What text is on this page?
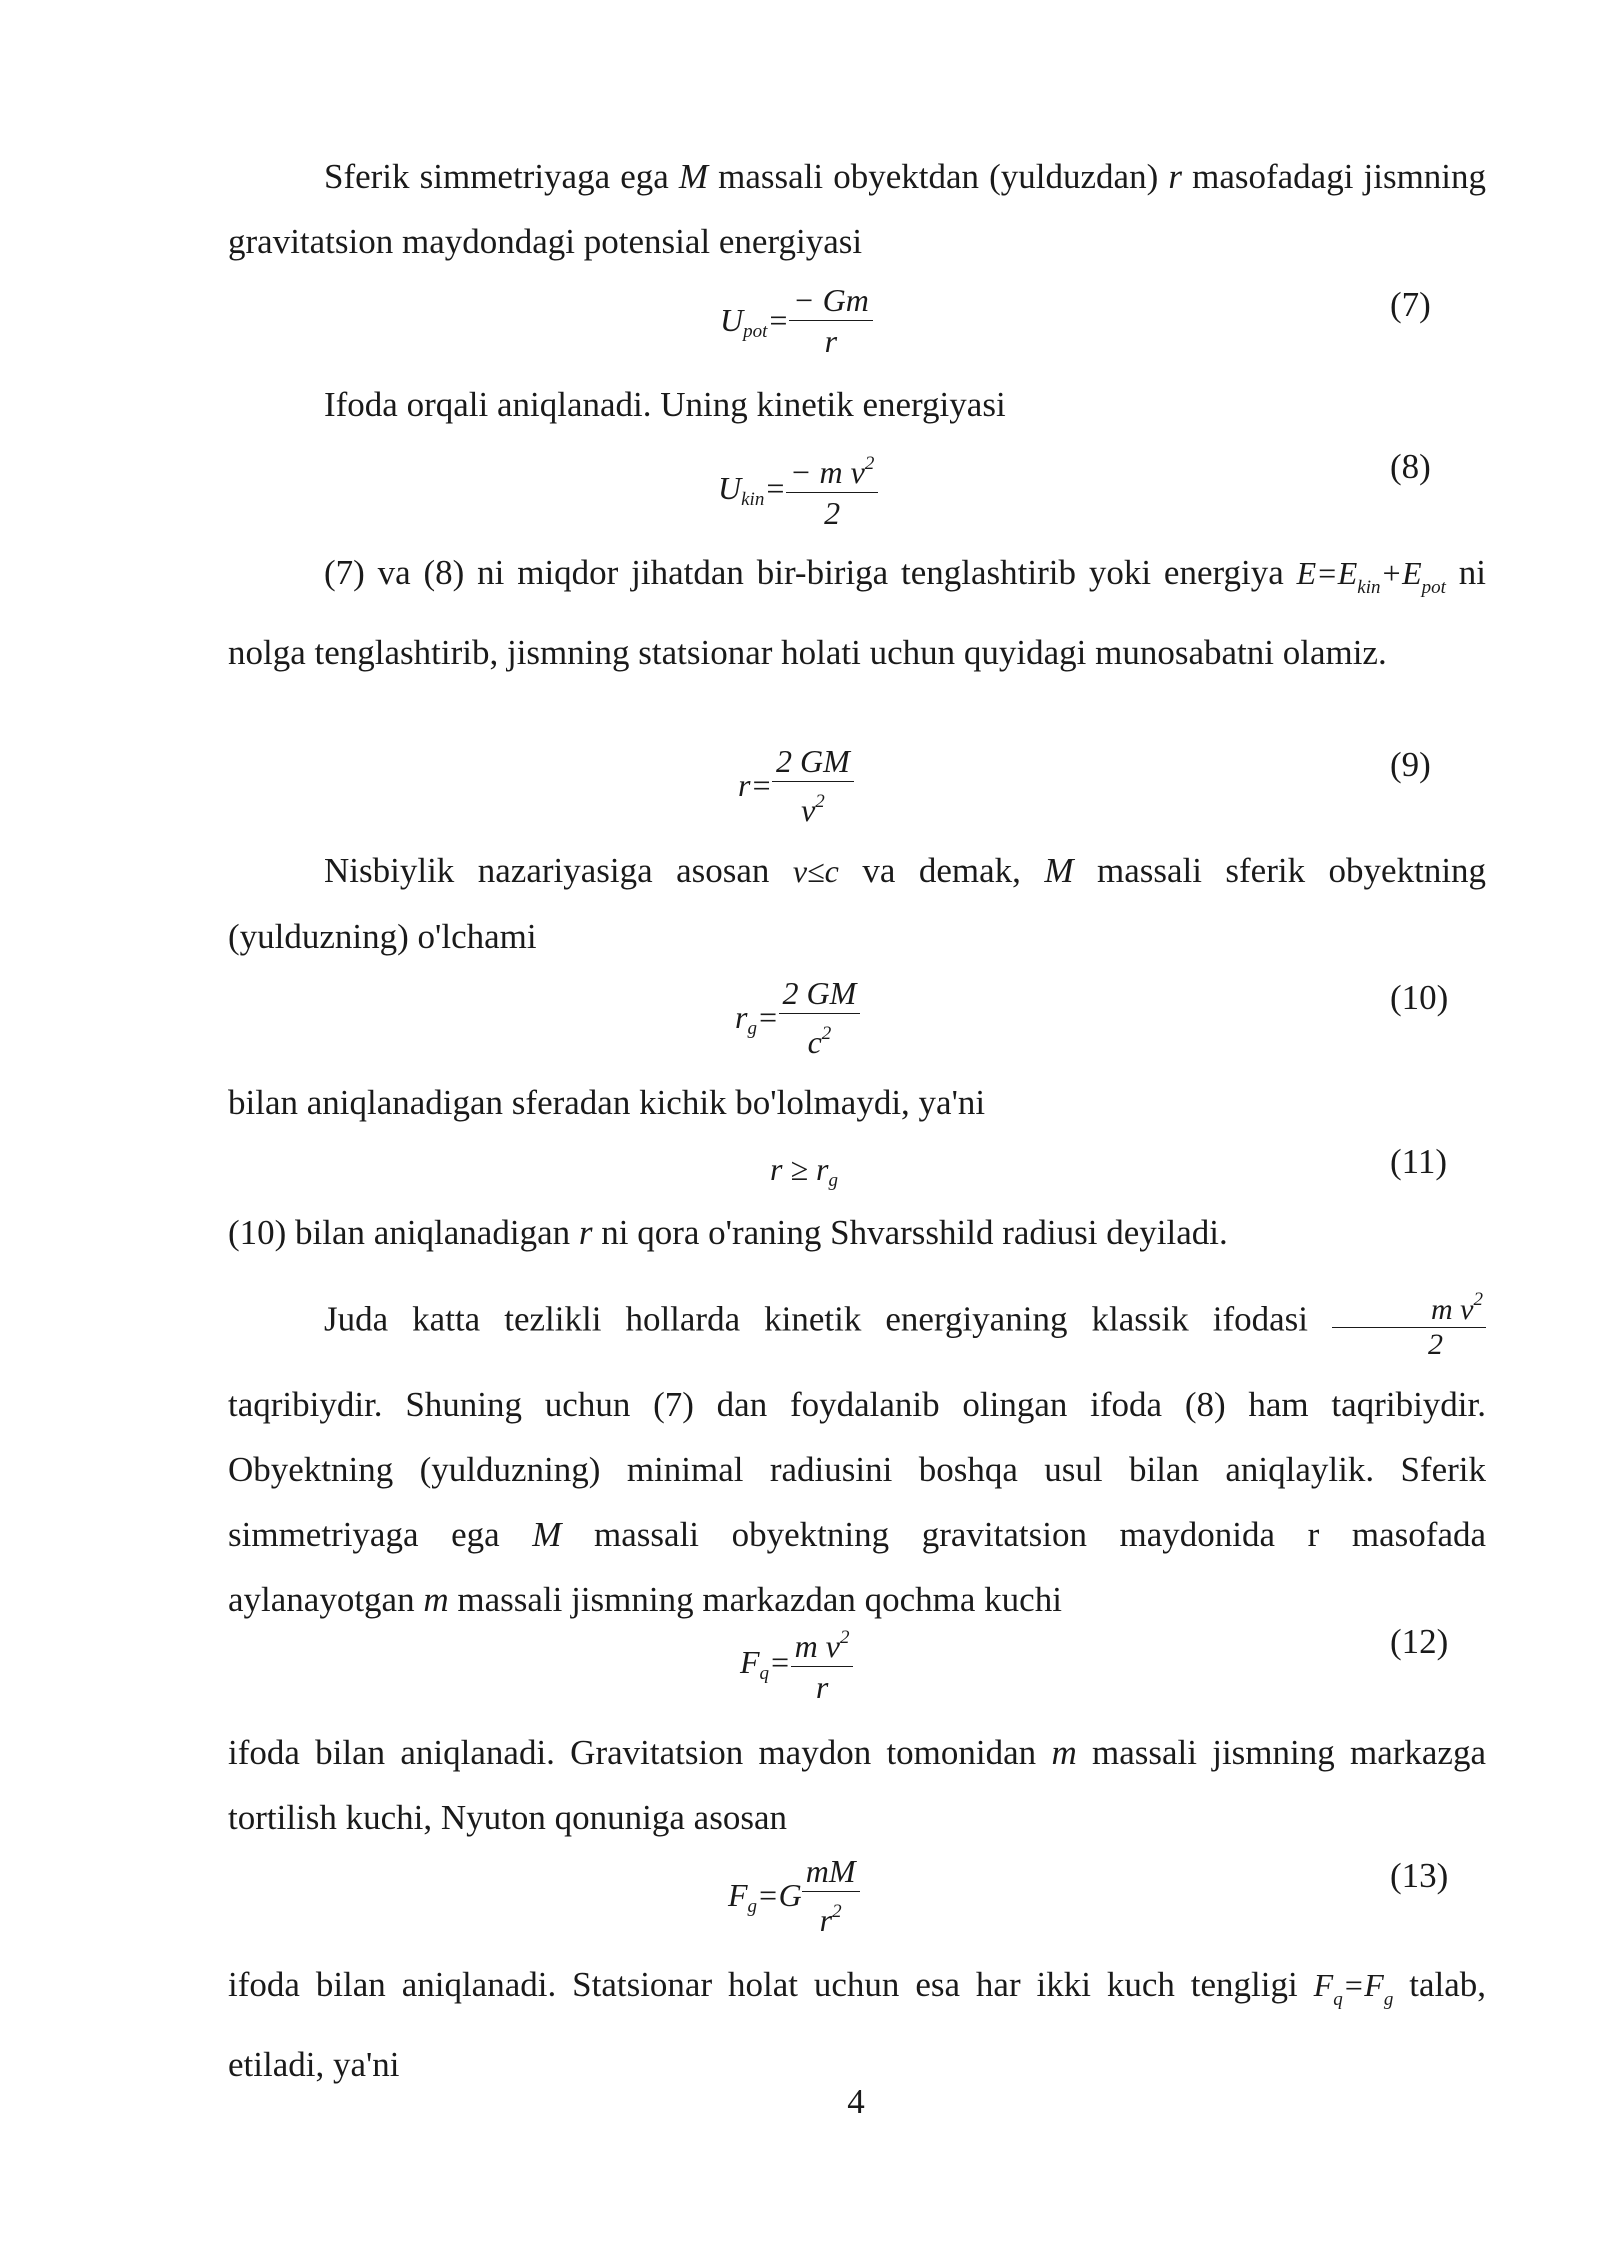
Sferik simmetriyaga ega M massali obyektdan (yulduzdan) r masofadagi jismning gravitatsion maydondagi potensial energiyasi

$U_{pot}= \frac{- Gm}{r}$	(7)

Ifoda orqali aniqlanadi. Uning kinetik energiyasi

$U_{kin}= \frac{- m v^2}{2}$	(8)

(7) va (8) ni miqdor jihatdan bir-biriga tenglashtirib yoki energiya $E=E_{kin}+E_{pot}$ ni nolga tenglashtirib, jismning statsionar holati uchun quyidagi munosabatni olamiz.

$r= \frac{2 GM}{v^2}$	(9)

Nisbiylik nazariyasiga asosan v≤c va demak, M massali sferik obyektning (yulduzning) o'lchami

$r_g= \frac{2 GM}{c^2}$	(10)

bilan aniqlanadigan sferadan kichik bo'lolmaydi, ya'ni

$r \ge r_g$	(11)

(10) bilan aniqlanadigan r ni qora o'raning Shvarsshild radiusi deyiladi.

Juda katta tezlikli hollarda kinetik energiyaning klassik ifodasi $\frac{m v^2}{2}$

taqribiydir. Shuning uchun (7) dan foydalanib olingan ifoda (8) ham taqribiydir. Obyektning (yulduzning) minimal radiusini boshqa usul bilan aniqlaylik. Sferik simmetriyaga ega M massali obyektning gravitatsion maydonida r masofada aylanayotgan m massali jismning markazdan qochma kuchi

$F_q= \frac{m v^2}{r}$	(12)

ifoda bilan aniqlanadi. Gravitatsion maydon tomonidan m massali jismning markazga tortilish kuchi, Nyuton qonuniga asosan

$F_g=G \frac{mM}{r^2}$	(13)

ifoda bilan aniqlanadi. Statsionar holat uchun esa har ikki kuch tengligi $F_q=F_g$ talab, etiladi, ya'ni

4
